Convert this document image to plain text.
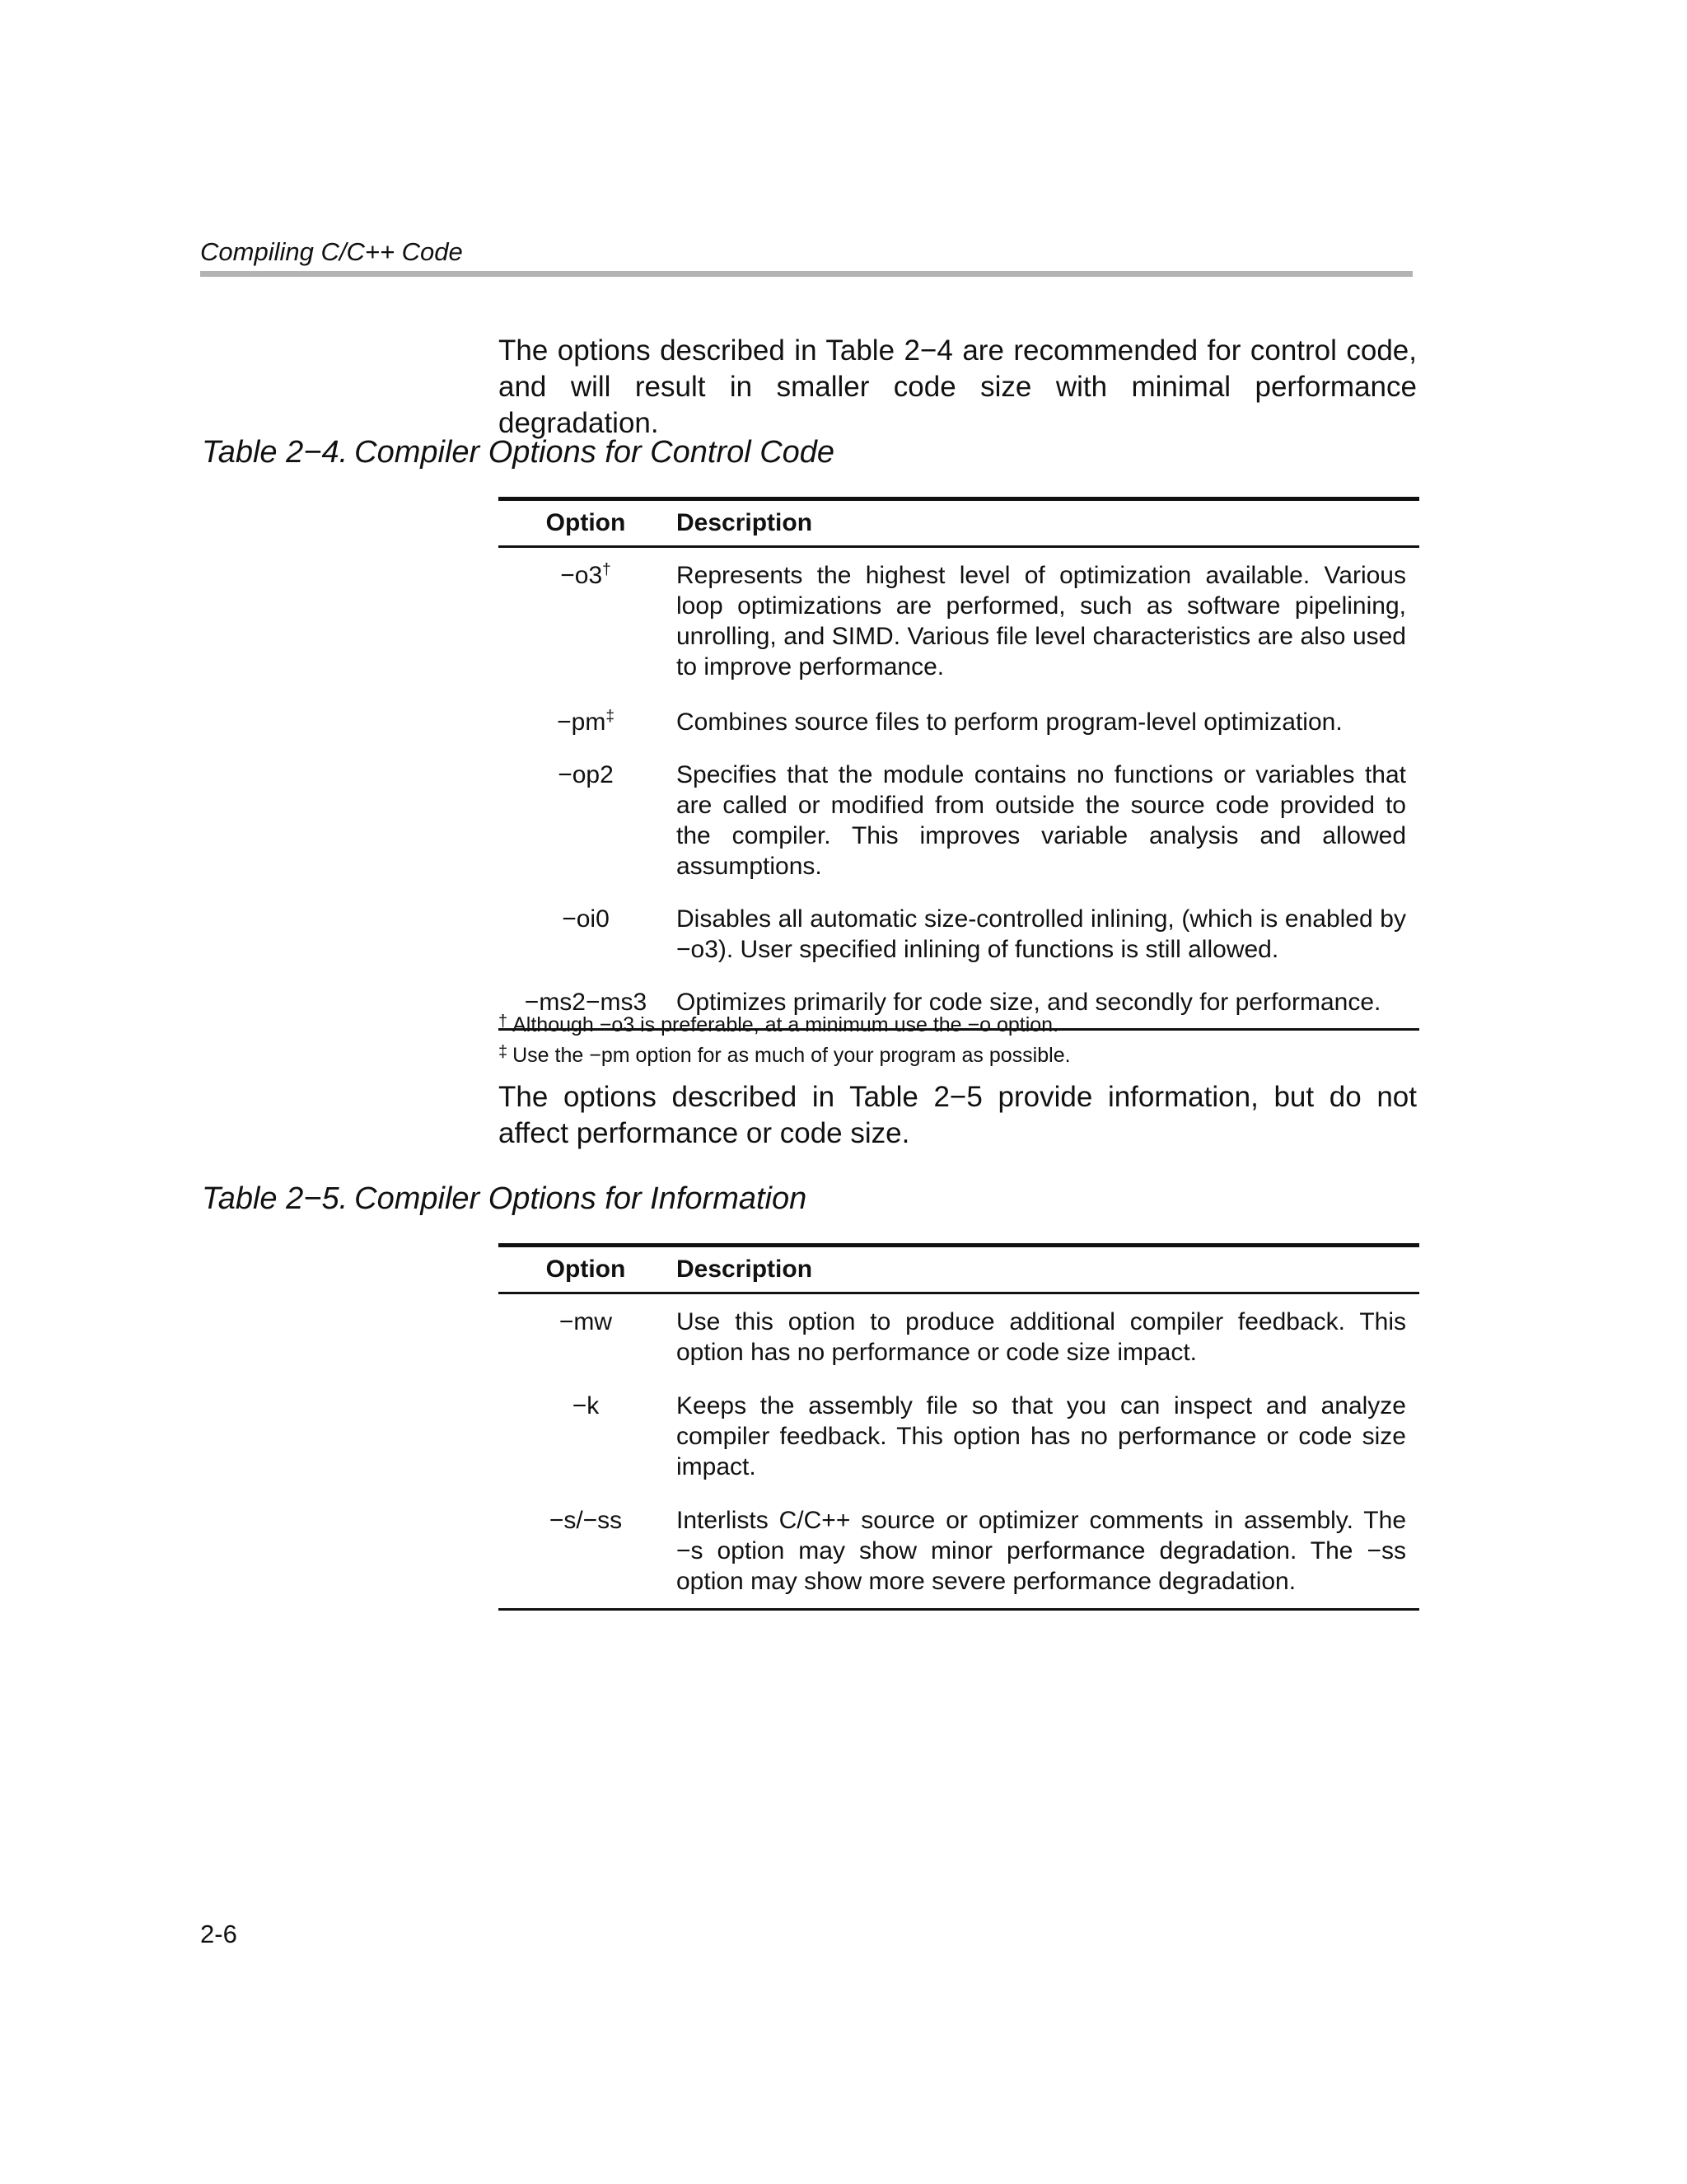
Compiling C/C++ Code

The options described in Table 2−4 are recommended for control code, and will result in smaller code size with minimal performance degradation.

Table 2−4. Compiler Options for Control Code

Option	Description
−o3†	Represents the highest level of optimization available. Various loop optimizations are performed, such as software pipelining, unrolling, and SIMD. Various file level characteristics are also used to improve performance.
−pm‡	Combines source files to perform program-level optimization.
−op2	Specifies that the module contains no functions or variables that are called or modified from outside the source code provided to the compiler. This improves variable analysis and allowed assumptions.
−oi0	Disables all automatic size-controlled inlining, (which is enabled by −o3). User specified inlining of functions is still allowed.
−ms2−ms3	Optimizes primarily for code size, and secondly for performance.
† Although −o3 is preferable, at a minimum use the −o option.
‡ Use the −pm option for as much of your program as possible.

The options described in Table 2−5 provide information, but do not affect performance or code size.

Table 2−5. Compiler Options for Information

Option	Description
−mw	Use this option to produce additional compiler feedback. This option has no performance or code size impact.
−k	Keeps the assembly file so that you can inspect and analyze compiler feedback. This option has no performance or code size impact.
−s/−ss	Interlists C/C++ source or optimizer comments in assembly. The −s option may show minor performance degradation. The −ss option may show more severe performance degradation.

2-6
